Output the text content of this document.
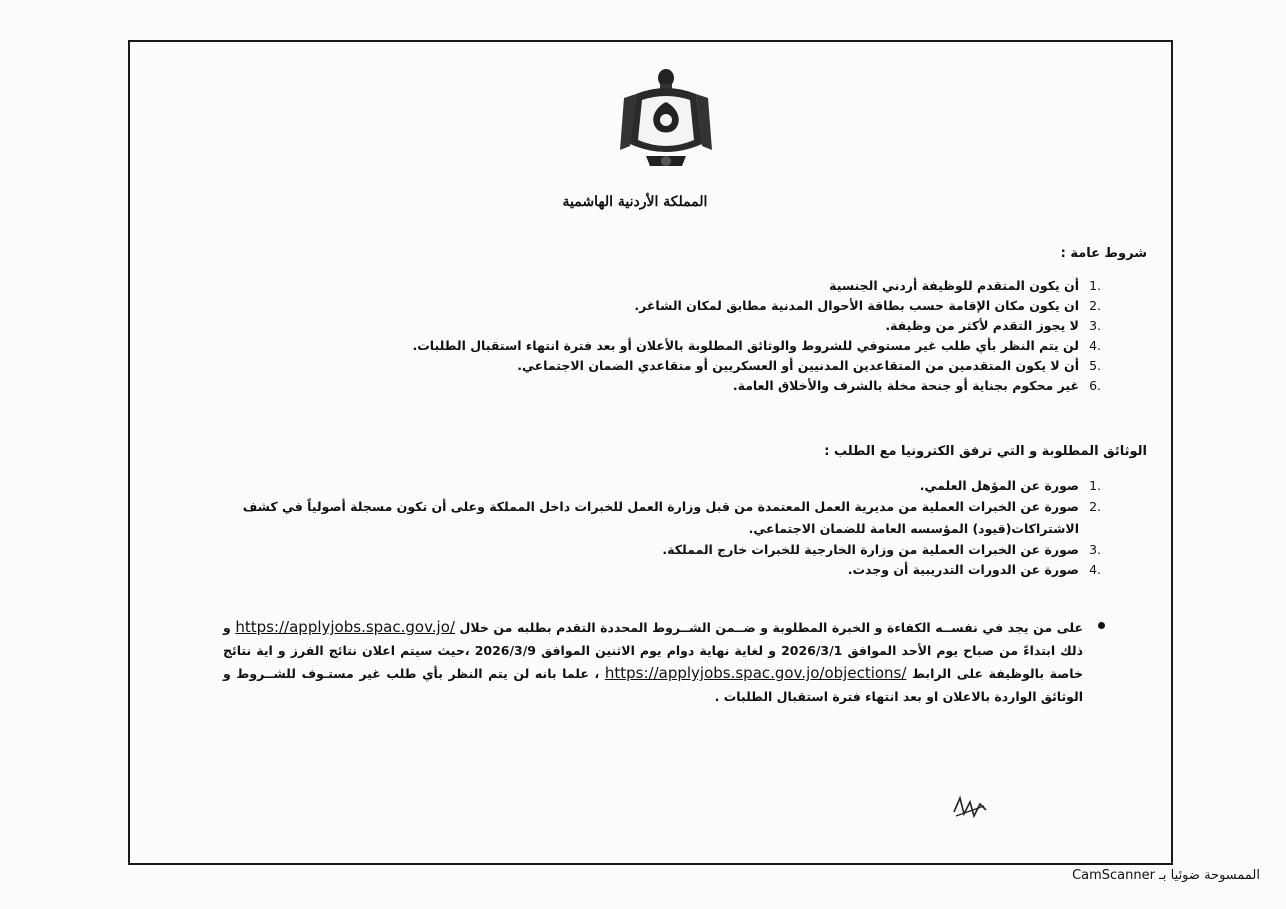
المملكة الأردنية الهاشمية
شروط عامة :
1.
أن يكون المتقدم للوظيفة أردني الجنسية
2.
ان يكون مكان الإقامة حسب بطاقة الأحوال المدنية مطابق لمكان الشاغر.
3.
لا يجوز التقدم لأكثر من وظيفة.
4.
لن يتم النظر بأي طلب غير مستوفي للشروط والوثائق المطلوبة بالأعلان أو بعد فترة انتهاء استقبال الطلبات.
5.
أن لا يكون المتقدمين من المتقاعدين المدنيين أو العسكريين أو متقاعدي الضمان الاجتماعي.
6.
غير محكوم بجناية أو جنحة مخلة بالشرف والأخلاق العامة.
الوثائق المطلوبة و التي ترفق الكترونيا مع الطلب :
1.
صورة عن المؤهل العلمي.
2.
صورة عن الخبرات العملية من مديرية العمل المعتمدة من قبل وزارة العمل للخبرات داخل المملكة وعلى أن تكون مسجلة أصولياً في كشف الاشتراكات(قيود) المؤسسه العامة للضمان الاجتماعي.
3.
صورة عن الخبرات العملية من وزارة الخارجية للخبرات خارج المملكة.
4.
صورة عن الدورات التدريبية أن وجدت.
على من يجد في نفســه الكفاءة و الخبرة المطلوبة و ضــمن الشــروط المحددة التقدم بطلبه من خلال https://applyjobs.spac.gov.jo/ و ذلك ابتداءً من صباح يوم الأحد الموافق 2026/3/1 و لغاية نهاية دوام يوم الاثنين الموافق 2026/3/9 ،حيث سيتم اعلان نتائج الفرز و اية نتائج خاصة بالوظيفة على الرابط https://applyjobs.spac.gov.jo/objections/ ، علما بانه لن يتم النظر بأي طلب غير مستـوف للشــروط و الوثائق الواردة بالاعلان او بعد انتهاء فترة استقبال الطلبات .
الممسوحة ضوئيا بـ CamScanner
